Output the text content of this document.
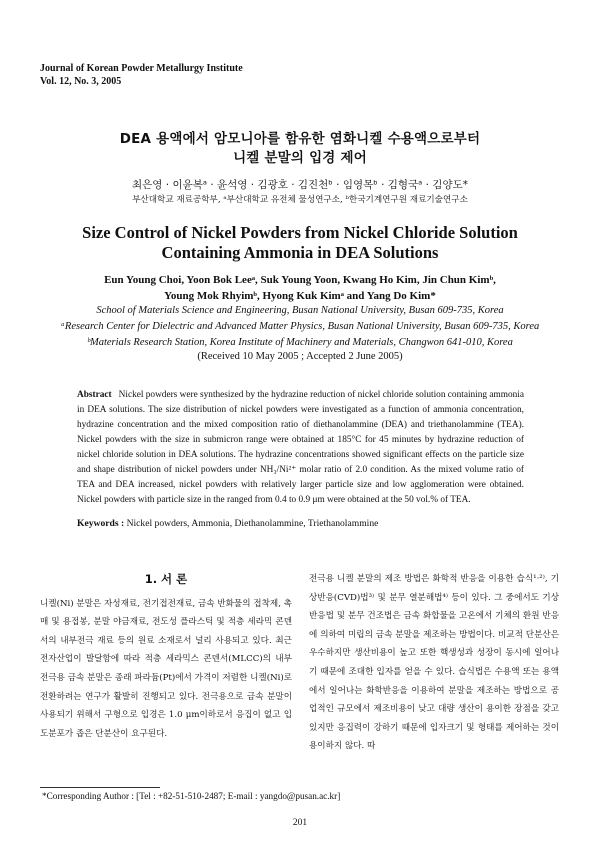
Journal of Korean Powder Metallurgy Institute
Vol. 12, No. 3, 2005
DEA 용액에서 암모니아를 함유한 염화니켈 수용액으로부터
니켈 분말의 입경 제어
최은영 · 이윤복ᵃ · 윤석영 · 김광호 · 김진천ᵇ · 임영목ᵇ · 김형국ᵃ · 김양도*
부산대학교 재료공학부, ᵃ부산대학교 유전체 물성연구소, ᵇ한국기계연구원 재료기술연구소
Size Control of Nickel Powders from Nickel Chloride Solution
Containing Ammonia in DEA Solutions
Eun Young Choi, Yoon Bok Leeᵃ, Suk Young Yoon, Kwang Ho Kim, Jin Chun Kimᵇ,
Young Mok Rhyimᵇ, Hyong Kuk Kimᵃ and Yang Do Kim*
School of Materials Science and Engineering, Busan National University, Busan 609-735, Korea
ᵃResearch Center for Dielectric and Advanced Matter Physics, Busan National University, Busan 609-735, Korea
ᵇMaterials Research Station, Korea Institute of Machinery and Materials, Changwon 641-010, Korea
(Received 10 May 2005 ; Accepted 2 June 2005)
Abstract Nickel powders were synthesized by the hydrazine reduction of nickel chloride solution containing ammonia in DEA solutions. The size distribution of nickel powders were investigated as a function of ammonia concentration, hydrazine concentration and the mixed composition ratio of diethanolammine (DEA) and triethanolammine (TEA). Nickel powders with the size in submicron range were obtained at 185°C for 45 minutes by hydrazine reduction of nickel chloride solution in DEA solutions. The hydrazine concentrations showed significant effects on the particle size and shape distribution of nickel powders under NH₃/Ni²⁺ molar ratio of 2.0 condition. As the mixed volume ratio of TEA and DEA increased, nickel powders with relatively larger particle size and low agglomeration were obtained. Nickel powders with particle size in the ranged from 0.4 to 0.9 μm were obtained at the 50 vol.% of TEA.
Keywords : Nickel powders, Ammonia, Diethanolammine, Triethanolammine
1. 서 론

니켈(Ni) 분말은 자성재료, 전기접전재료, 금속 반화물의 접착제, 촉매 및 용접봉, 분말 야금재료, 전도성 플라스틱 및 적층 세라믹 콘덴서의 내부전극 재료 등의 원료 소재로서 널리 사용되고 있다. 최근 전자산업이 발달함에 따라 적층 세라믹스 콘덴서(MLCC)의 내부 전극용 금속 분말은 종래 파라듐(Pt)에서 가격이 저렴한 니켈(Ni)로 전환하려는 연구가 활발히 진행되고 있다. 전극용으로 금속 분말이 사용되기 위해서 구형으로 입경은 1.0 μm이하로서 응집이 없고 입도분포가 좁은 단분산이 요구된다.

전극용 니켈 분말의 제조 방법은 화학적 반응을 이용한 습식¹·²⁾, 기상반응(CVD)법³⁾ 및 분무 열분해법⁴⁾ 등이 있다. 그 중에서도 기상반응법 및 분무 건조법은 금속 화합물을 고온에서 기체의 환원 반응에 의하여 미립의 금속 분말을 제조하는 방법이다. 비교적 단분산은 우수하지만 생산비용이 높고 또한 핵생성과 성장이 동시에 일어나기 때문에 조대한 입자를 얻을 수 있다. 습식법은 수용액 또는 용액에서 일어나는 화학반응을 이용하여 분말을 제조하는 방법으로 공업적인 규모에서 제조비용이 낮고 대량 생산이 용이한 장점을 갖고 있지만 응집력이 강하기 때문에 입자크기 및 형태를 제어하는 것이 용이하지 않다. 따

*Corresponding Author : [Tel : +82-51-510-2487; E-mail : yangdo@pusan.ac.kr]
201
